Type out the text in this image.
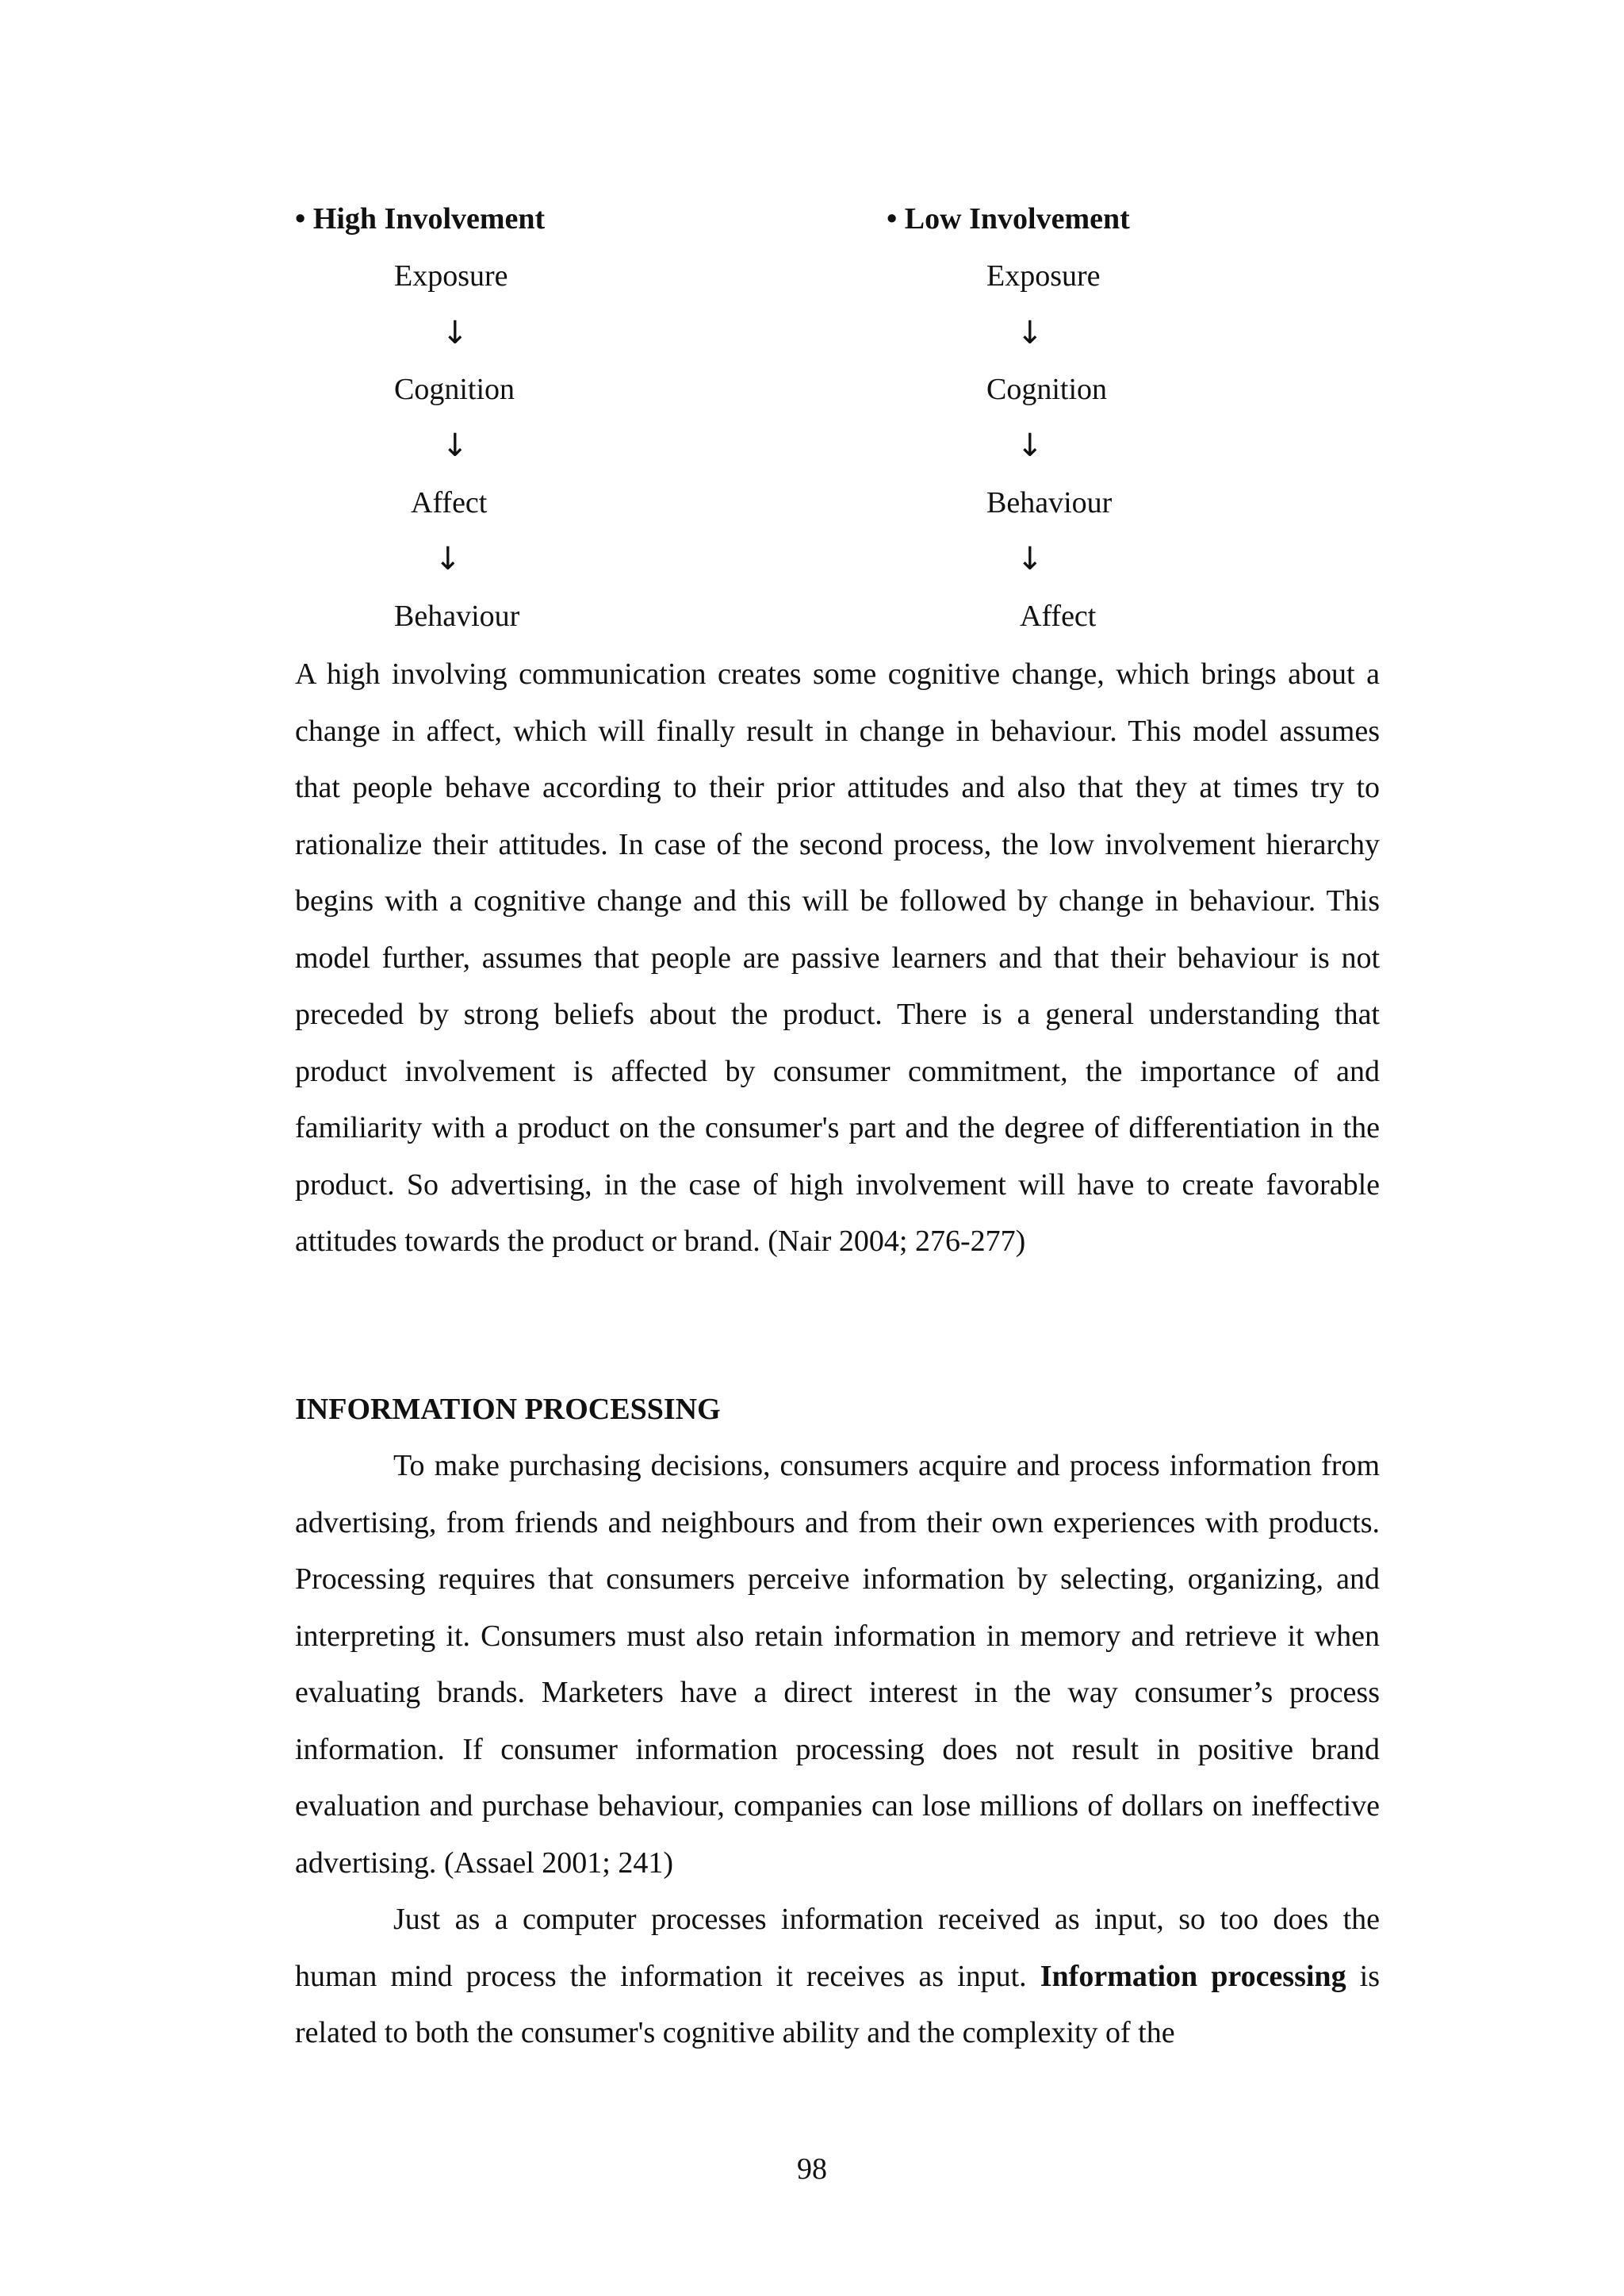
• High Involvement
Exposure
↓
Cognition
↓
Affect
↓
Behaviour
• Low Involvement
Exposure
↓
Cognition
↓
Behaviour
↓
Affect

A high involving communication creates some cognitive change, which brings about a change in affect, which will finally result in change in behaviour. This model assumes that people behave according to their prior attitudes and also that they at times try to rationalize their attitudes. In case of the second process, the low involvement hierarchy begins with a cognitive change and this will be followed by change in behaviour. This model further, assumes that people are passive learners and that their behaviour is not preceded by strong beliefs about the product. There is a general understanding that product involvement is affected by consumer commitment, the importance of and familiarity with a product on the consumer's part and the degree of differentiation in the product. So advertising, in the case of high involvement will have to create favorable attitudes towards the product or brand. (Nair 2004; 276-277)

INFORMATION PROCESSING

To make purchasing decisions, consumers acquire and process information from advertising, from friends and neighbours and from their own experiences with products. Processing requires that consumers perceive information by selecting, organizing, and interpreting it. Consumers must also retain information in memory and retrieve it when evaluating brands. Marketers have a direct interest in the way consumer’s process information. If consumer information processing does not result in positive brand evaluation and purchase behaviour, companies can lose millions of dollars on ineffective advertising. (Assael 2001; 241)

Just as a computer processes information received as input, so too does the human mind process the information it receives as input. Information processing is related to both the consumer's cognitive ability and the complexity of the

98
